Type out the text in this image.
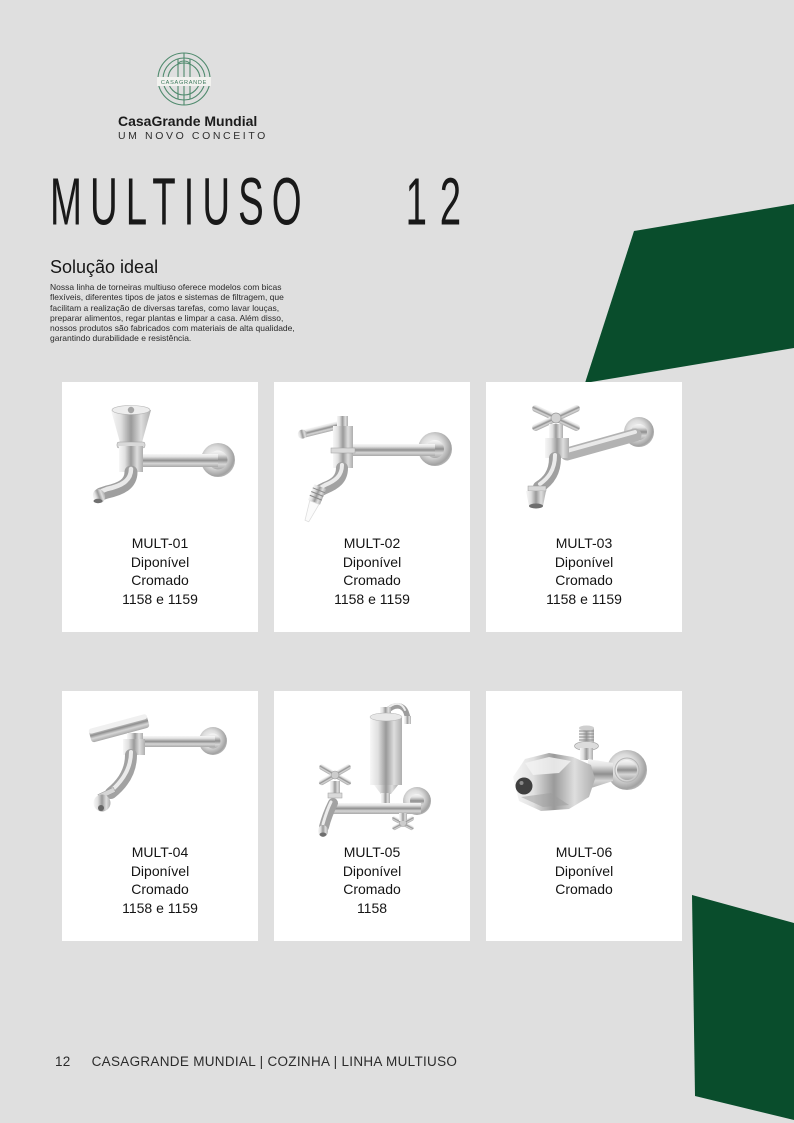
CASAGRANDE
CasaGrande Mundial
UM NOVO CONCEITO
MULTIUSO 12
Solução ideal

Nossa linha de torneiras multiuso oferece modelos com bicas flexíveis, diferentes tipos de jatos e sistemas de filtragem, que facilitam a realização de diversas tarefas, como lavar louças, preparar alimentos, regar plantas e limpar a casa. Além disso, nossos produtos são fabricados com materiais de alta qualidade, garantindo durabilidade e resistência.

MULT-01
Diponível
Cromado
1158 e 1159
MULT-02
Diponível
Cromado
1158 e 1159
MULT-03
Diponível
Cromado
1158 e 1159
MULT-04
Diponível
Cromado
1158 e 1159
MULT-05
Diponível
Cromado
1158
MULT-06
Diponível
Cromado
12 CASAGRANDE MUNDIAL | COZINHA | LINHA MULTIUSO
